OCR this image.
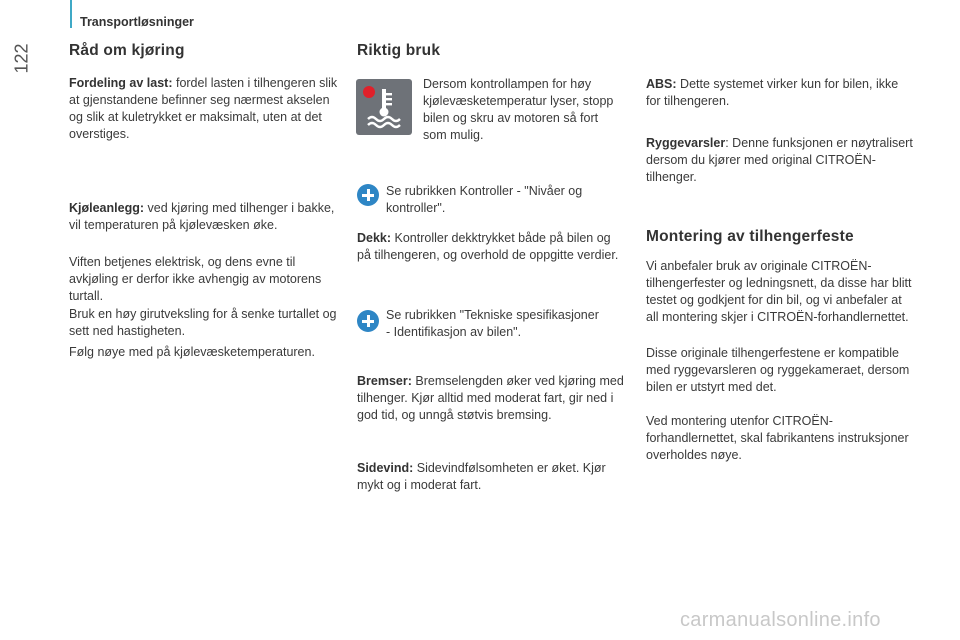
Transportløsninger
122 Råd om kjøring

Fordeling av last: fordel lasten i tilhengeren slik at gjenstandene befinner seg nærmest akselen og slik at kuletrykket er maksimalt, uten at det overstiges.

Kjøleanlegg: ved kjøring med tilhenger i bakke, vil temperaturen på kjølevæsken øke.

Viften betjenes elektrisk, og dens evne til avkjøling er derfor ikke avhengig av motorens turtall.

Bruk en høy girutveksling for å senke turtallet og sett ned hastigheten.

Følg nøye med på kjølevæsketemperaturen.

Riktig bruk

Dersom kontrollampen for høy kjølevæsketemperatur lyser, stopp bilen og skru av motoren så fort som mulig.

Se rubrikken Kontroller - "Nivåer og kontroller".

Dekk: Kontroller dekktrykket både på bilen og på tilhengeren, og overhold de oppgitte verdier.

Se rubrikken "Tekniske spesifikasjoner - Identifikasjon av bilen".

Bremser: Bremselengden øker ved kjøring med tilhenger. Kjør alltid med moderat fart, gir ned i god tid, og unngå støtvis bremsing.

Sidevind: Sidevindfølsomheten er øket. Kjør mykt og i moderat fart.

ABS: Dette systemet virker kun for bilen, ikke for tilhengeren.

Ryggevarsler: Denne funksjonen er nøytralisert dersom du kjører med original CITROËN-tilhenger.

Montering av tilhengerfeste

Vi anbefaler bruk av originale CITROËN-tilhengerfester og ledningsnett, da disse har blitt testet og godkjent for din bil, og vi anbefaler at all montering skjer i CITROËN-forhandlernettet.

Disse originale tilhengerfestene er kompatible med ryggevarsleren og ryggekameraet, dersom bilen er utstyrt med det.

Ved montering utenfor CITROËN-forhandlernettet, skal fabrikantens instruksjoner overholdes nøye.

carmanualsonline.info
